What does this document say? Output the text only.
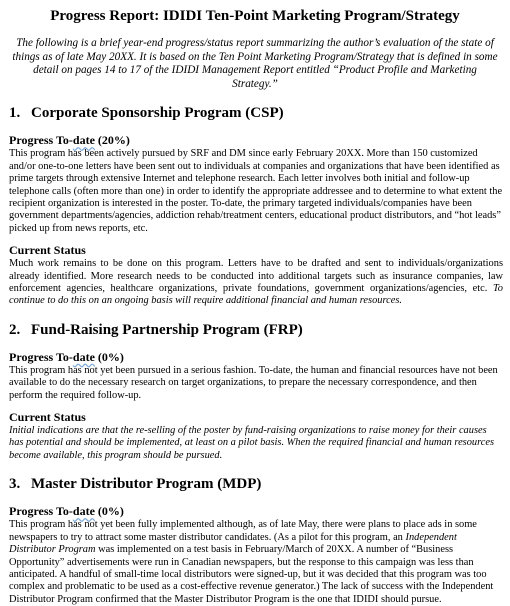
Progress Report: IDIDI Ten-Point Marketing Program/Strategy

The following is a brief year-end progress/status report summarizing the author’s evaluation of the state of things as of late May 20XX. It is based on the Ten Point Marketing Program/Strategy that is defined in some detail on pages 14 to 17 of the IDIDI Management Report entitled “Product Profile and Marketing Strategy.”

1. Corporate Sponsorship Program (CSP)
Progress To-date (20%)

This program has been actively pursued by SRF and DM since early February 20XX. More than 150 customized and/or one-to-one letters have been sent out to individuals at companies and organizations that have been identified as prime targets through extensive Internet and telephone research. Each letter involves both initial and follow-up telephone calls (often more than one) in order to identify the appropriate addressee and to determine to what extent the recipient organization is interested in the poster. To-date, the primary targeted individuals/companies have been government departments/agencies, addiction rehab/treatment centers, educational product distributors, and “hot leads” picked up from news reports, etc.

Current Status

Much work remains to be done on this program. Letters have to be drafted and sent to individuals/organizations already identified. More research needs to be conducted into additional targets such as insurance companies, law enforcement agencies, healthcare organizations, private foundations, government organizations/agencies, etc. To continue to do this on an ongoing basis will require additional financial and human resources.

2. Fund-Raising Partnership Program (FRP)
Progress To-date (0%)

This program has not yet been pursued in a serious fashion. To-date, the human and financial resources have not been available to do the necessary research on target organizations, to prepare the necessary correspondence, and then perform the required follow-up.

Current Status

Initial indications are that the re-selling of the poster by fund-raising organizations to raise money for their causes has potential and should be implemented, at least on a pilot basis. When the required financial and human resources become available, this program should be pursued.

3. Master Distributor Program (MDP)
Progress To-date (0%)

This program has not yet been fully implemented although, as of late May, there were plans to place ads in some newspapers to try to attract some master distributor candidates. (As a pilot for this program, an Independent Distributor Program was implemented on a test basis in February/March of 20XX. A number of “Business Opportunity” advertisements were run in Canadian newspapers, but the response to this campaign was less than anticipated. A handful of small-time local distributors were signed-up, but it was decided that this program was too complex and problematic to be used as a cost-effective revenue generator.) The lack of success with the Independent Distributor Program confirmed that the Master Distributor Program is the one that IDIDI should pursue.
